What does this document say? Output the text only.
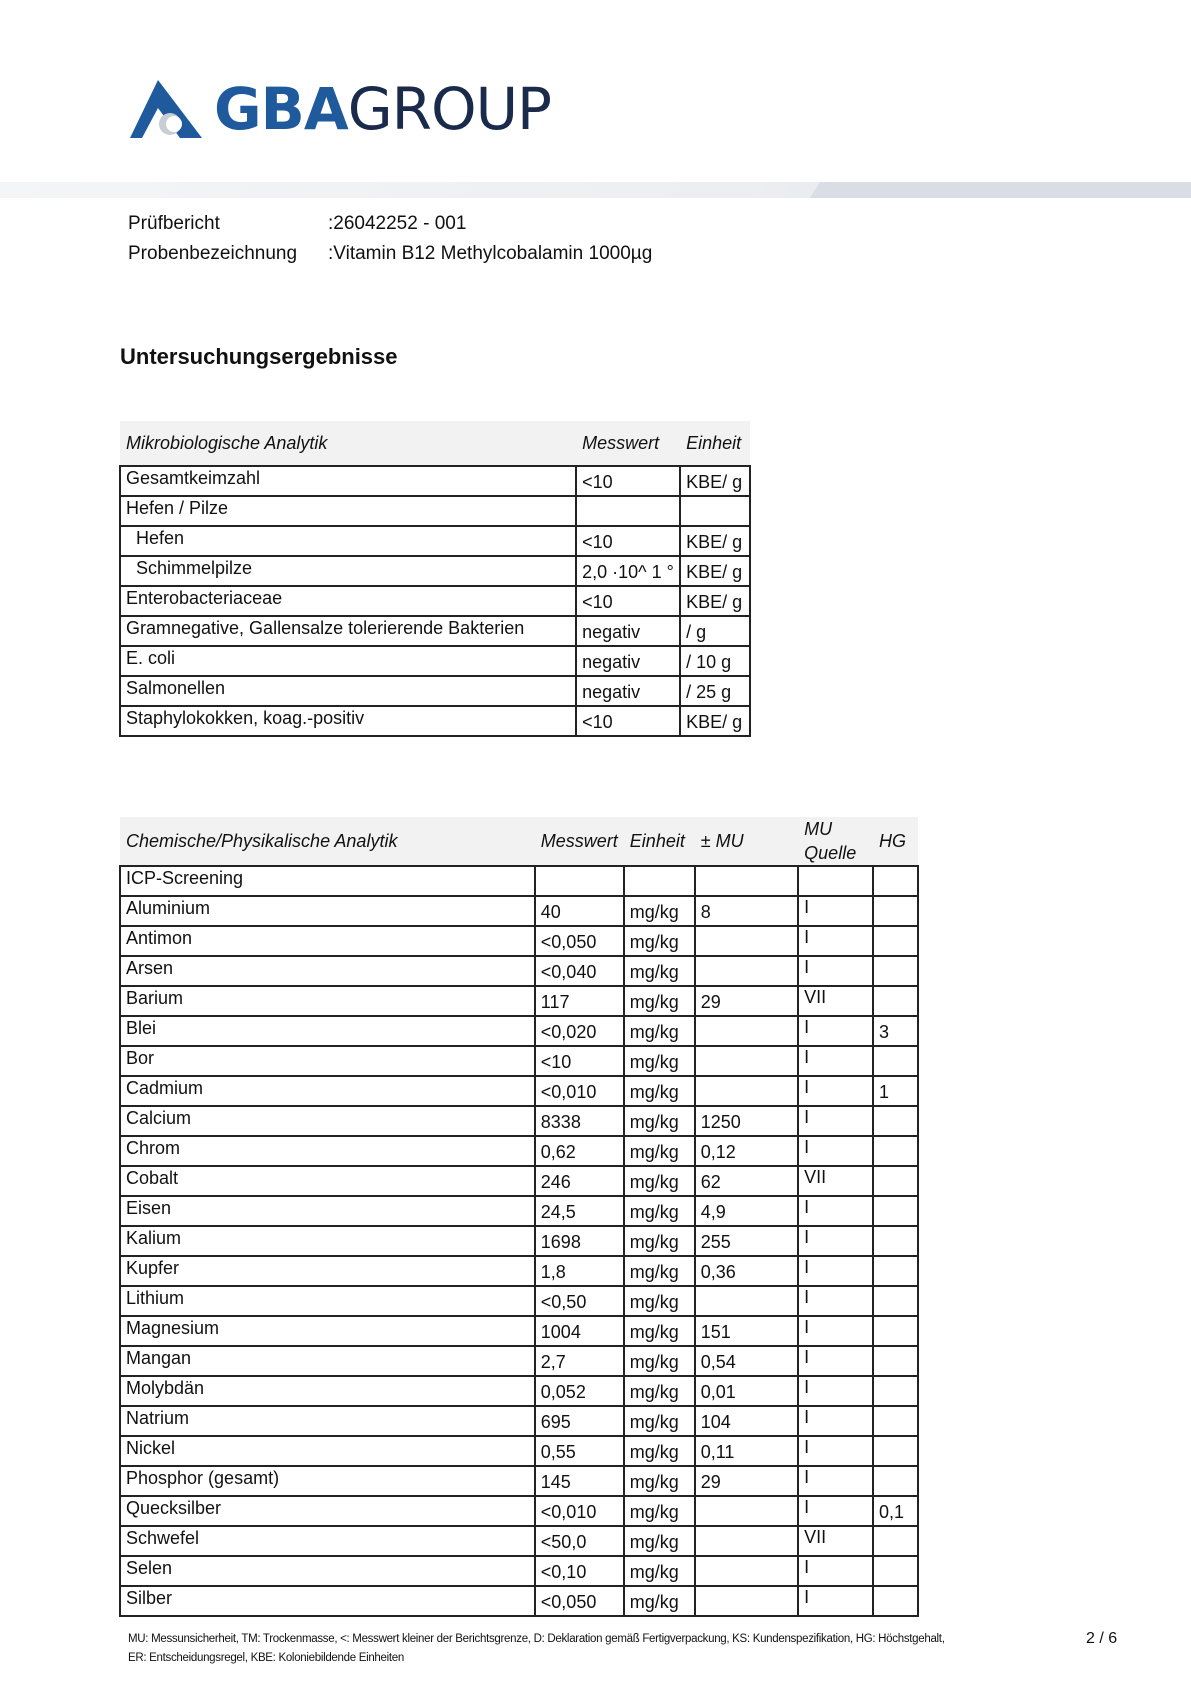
GBAGROUP
Prüfbericht	:26042252 - 001
Probenbezeichnung	:Vitamin B12 Methylcobalamin 1000µg
Untersuchungsergebnisse
Mikrobiologische Analytik	Messwert	Einheit
Gesamtkeimzahl	<10	KBE/ g
Hefen / Pilze		
Hefen	<10	KBE/ g
Schimmelpilze	2,0 ·10^ 1 °	KBE/ g
Enterobacteriaceae	<10	KBE/ g
Gramnegative, Gallensalze tolerierende Bakterien	negativ	/ g
E. coli	negativ	/ 10 g
Salmonellen	negativ	/ 25 g
Staphylokokken, koag.-positiv	<10	KBE/ g
Chemische/Physikalische Analytik	Messwert	Einheit	± MU	MU Quelle	HG
ICP-Screening					
Aluminium	40	mg/kg	8	I	
Antimon	<0,050	mg/kg		I	
Arsen	<0,040	mg/kg		I	
Barium	117	mg/kg	29	VII	
Blei	<0,020	mg/kg		I	3
Bor	<10	mg/kg		I	
Cadmium	<0,010	mg/kg		I	1
Calcium	8338	mg/kg	1250	I	
Chrom	0,62	mg/kg	0,12	I	
Cobalt	246	mg/kg	62	VII	
Eisen	24,5	mg/kg	4,9	I	
Kalium	1698	mg/kg	255	I	
Kupfer	1,8	mg/kg	0,36	I	
Lithium	<0,50	mg/kg		I	
Magnesium	1004	mg/kg	151	I	
Mangan	2,7	mg/kg	0,54	I	
Molybdän	0,052	mg/kg	0,01	I	
Natrium	695	mg/kg	104	I	
Nickel	0,55	mg/kg	0,11	I	
Phosphor (gesamt)	145	mg/kg	29	I	
Quecksilber	<0,010	mg/kg		I	0,1
Schwefel	<50,0	mg/kg		VII	
Selen	<0,10	mg/kg		I	
Silber	<0,050	mg/kg		I	
MU: Messunsicherheit, TM: Trockenmasse, <: Messwert kleiner der Berichtsgrenze, D: Deklaration gemäß Fertigverpackung, KS: Kundenspezifikation, HG: Höchstgehalt,
ER: Entscheidungsregel, KBE: Koloniebildende Einheiten
2 / 6
